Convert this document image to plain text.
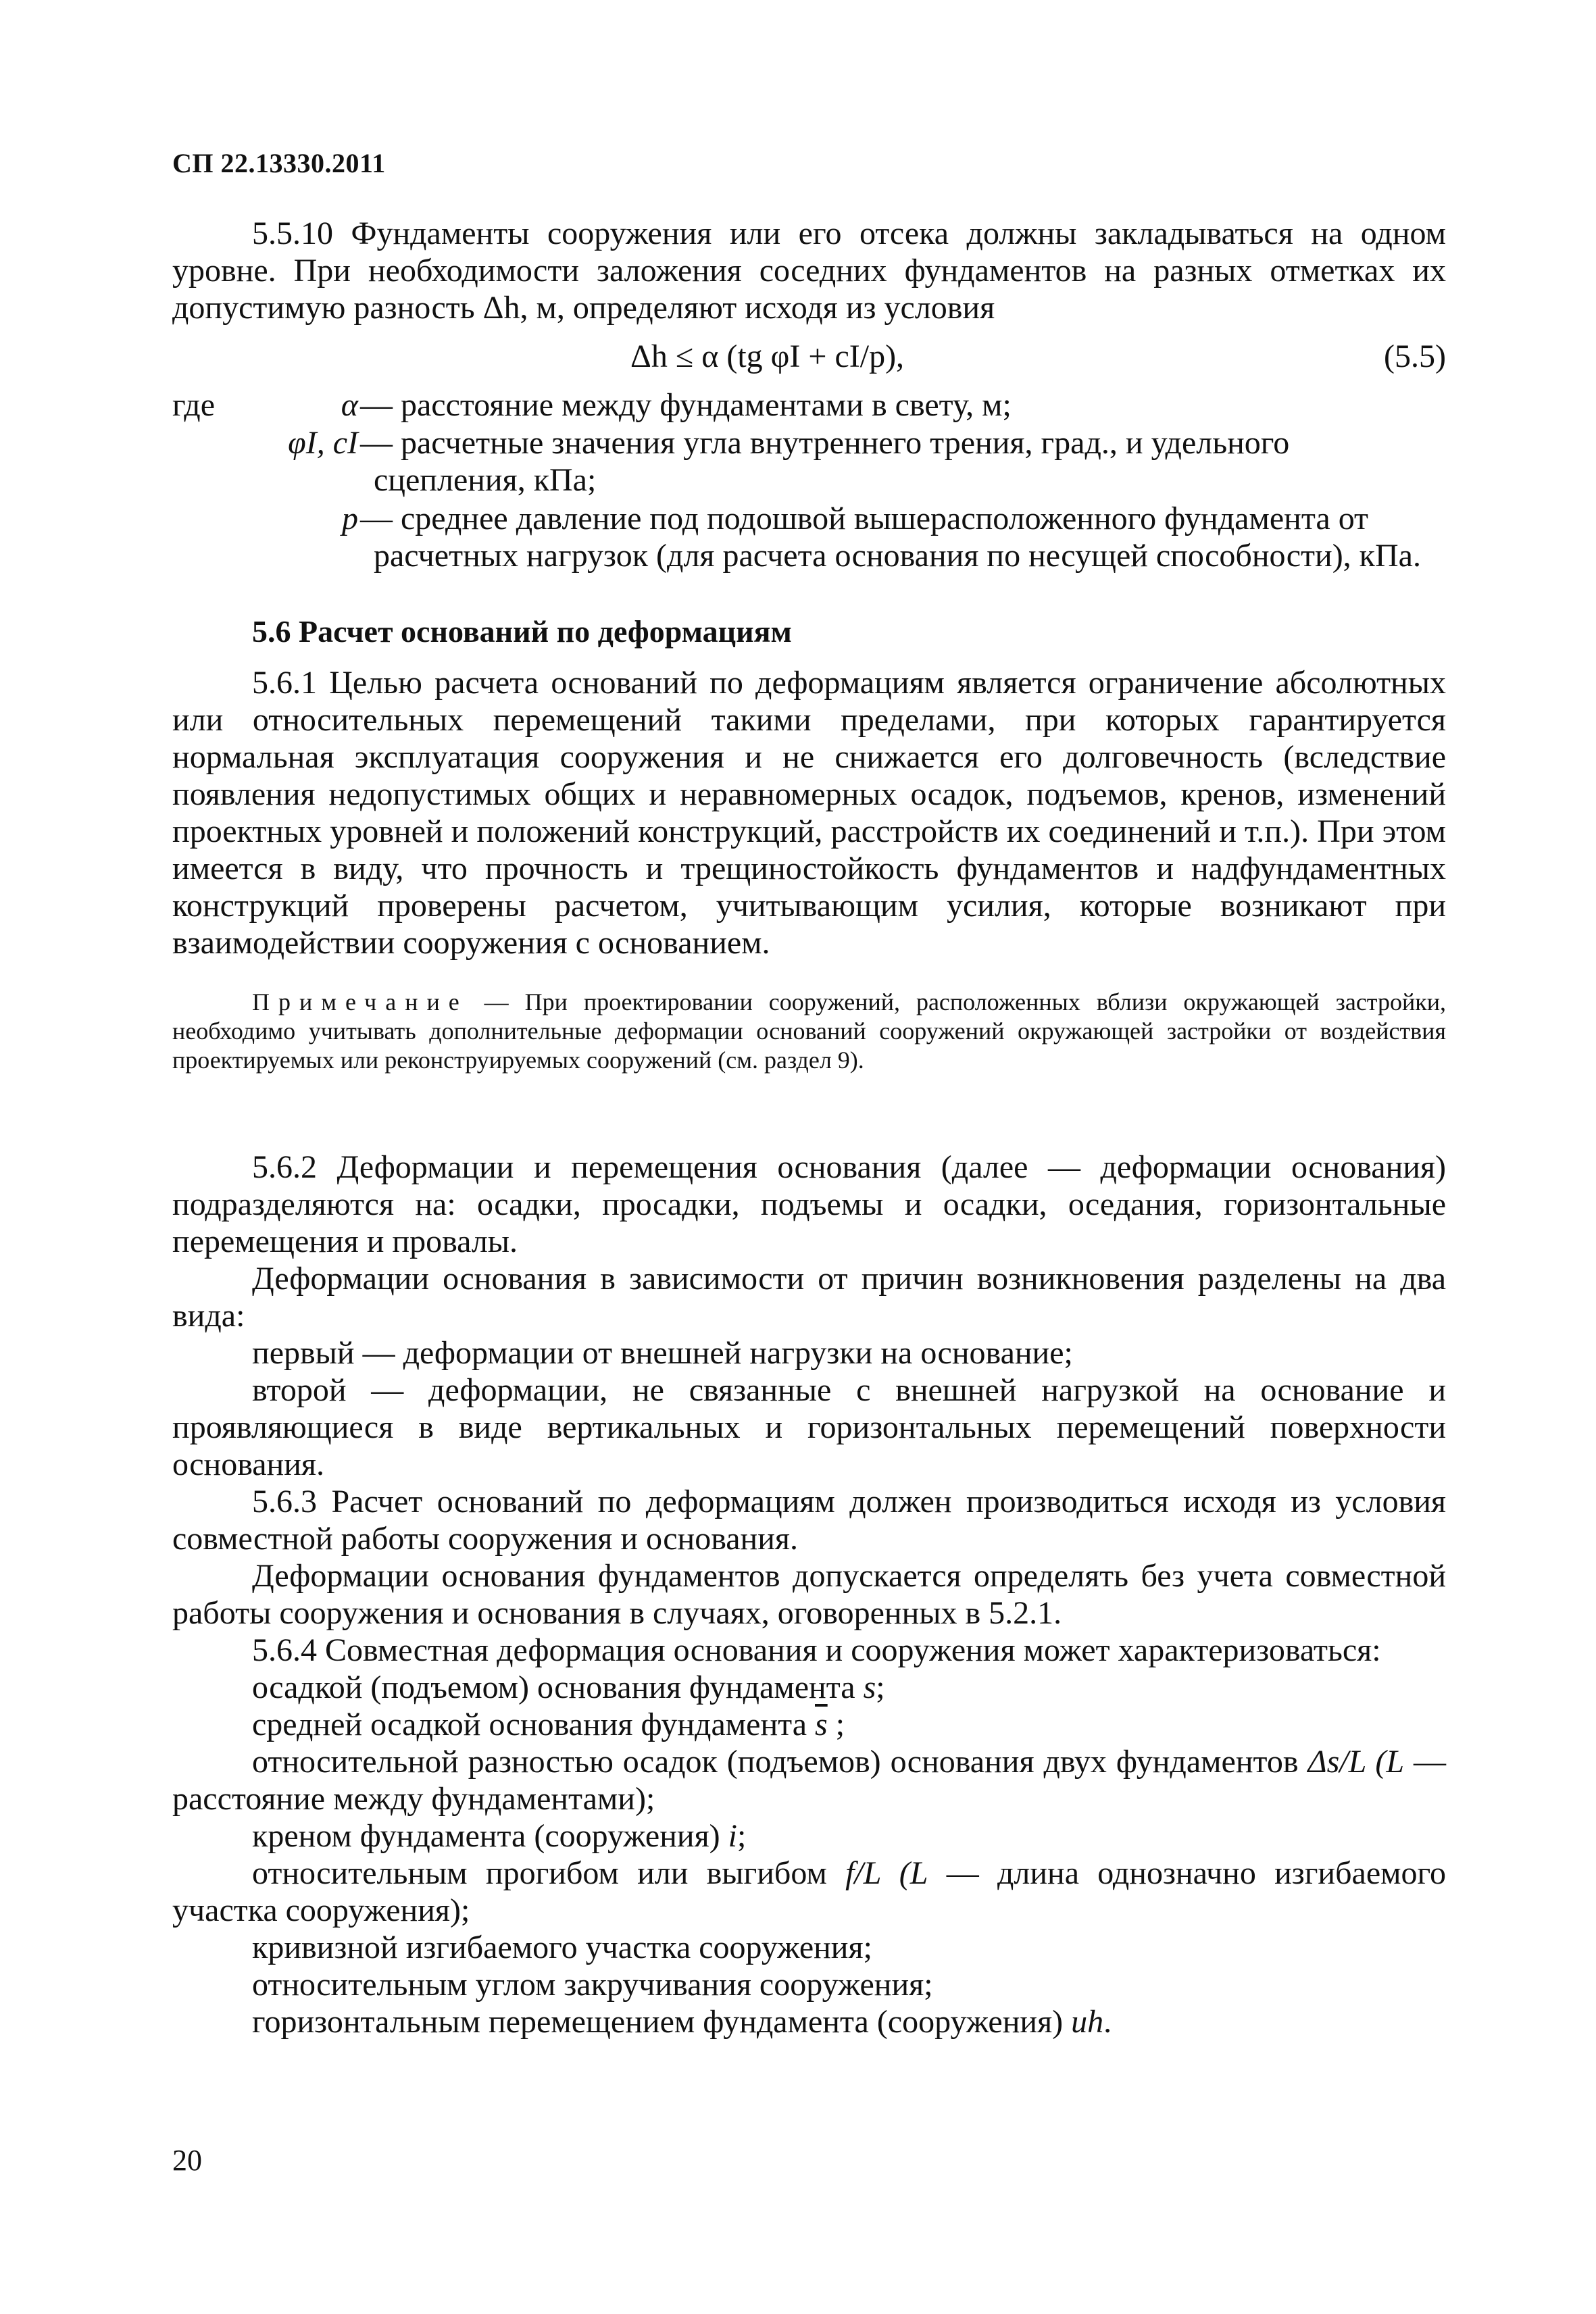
СП 22.13330.2011

5.5.10 Фундаменты сооружения или его отсека должны закладываться на одном уровне. При необходимости заложения соседних фундаментов на разных отметках их допустимую разность Δh, м, определяют исходя из условия

Δh ≤ α (tg φI + cI/p),	(5.5)
где	α — расстояние между фундаментами в свету, м;
φI, cI — расчетные значения угла внутреннего трения, град., и удельного сцепления, кПа;
p — среднее давление под подошвой вышерасположенного фундамента от расчетных нагрузок (для расчета основания по несущей способности), кПа.
5.6 Расчет оснований по деформациям

5.6.1 Целью расчета оснований по деформациям является ограничение абсолютных или относительных перемещений такими пределами, при которых гарантируется нормальная эксплуатация сооружения и не снижается его долговечность (вследствие появления недопустимых общих и неравномерных осадок, подъемов, кренов, изменений проектных уровней и положений конструкций, расстройств их соединений и т.п.). При этом имеется в виду, что прочность и трещиностойкость фундаментов и надфундаментных конструкций проверены расчетом, учитывающим усилия, которые возникают при взаимодействии сооружения с основанием.

Примечание — При проектировании сооружений, расположенных вблизи окружающей застройки, необходимо учитывать дополнительные деформации оснований сооружений окружающей застройки от воздействия проектируемых или реконструируемых сооружений (см. раздел 9).

5.6.2 Деформации и перемещения основания (далее — деформации основания) подразделяются на: осадки, просадки, подъемы и осадки, оседания, горизонтальные перемещения и провалы.

Деформации основания в зависимости от причин возникновения разделены на два вида:

первый — деформации от внешней нагрузки на основание;

второй — деформации, не связанные с внешней нагрузкой на основание и проявляющиеся в виде вертикальных и горизонтальных перемещений поверхности основания.

5.6.3 Расчет оснований по деформациям должен производиться исходя из условия совместной работы сооружения и основания.

Деформации основания фундаментов допускается определять без учета совместной работы сооружения и основания в случаях, оговоренных в 5.2.1.

5.6.4 Совместная деформация основания и сооружения может характеризоваться:

осадкой (подъемом) основания фундамента s;

средней осадкой основания фундамента $\overline{s}$ ;

относительной разностью осадок (подъемов) основания двух фундаментов Δs/L (L — расстояние между фундаментами);

креном фундамента (сооружения) i;

относительным прогибом или выгибом f/L (L — длина однозначно изгибаемого участка сооружения);

кривизной изгибаемого участка сооружения;

относительным углом закручивания сооружения;

горизонтальным перемещением фундамента (сооружения) uh.

20
